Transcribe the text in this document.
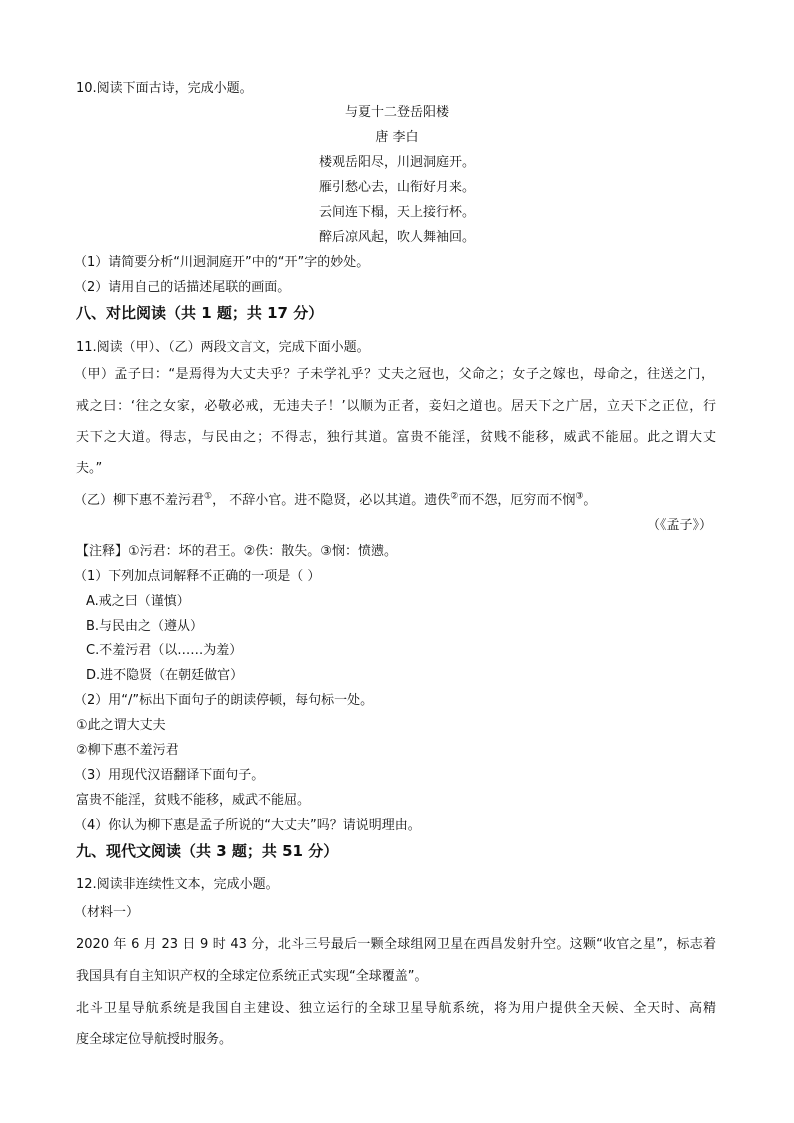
10.阅读下面古诗，完成小题。
与夏十二登岳阳楼
唐 李白
楼观岳阳尽，川迥洞庭开。
雁引愁心去，山衔好月来。
云间连下榻，天上接行杯。
醉后凉风起，吹人舞袖回。
（1）请简要分析“川迥洞庭开”中的“开”字的妙处。
（2）请用自己的话描述尾联的画面。
八、对比阅读（共 1 题；共 17 分）
11.阅读（甲）、（乙）两段文言文，完成下面小题。
（甲）孟子曰：“是焉得为大丈夫乎？子未学礼乎？丈夫之冠也，父命之；女子之嫁也，母命之，往送之门，
戒之曰：‘往之女家，必敬必戒，无违夫子！’以顺为正者，妾妇之道也。居天下之广居，立天下之正位，行
天下之大道。得志，与民由之；不得志，独行其道。富贵不能淫，贫贱不能移，威武不能屈。此之谓大丈
夫。”
（乙）柳下惠不羞污君①， 不辞小官。进不隐贤，必以其道。遗佚②而不怨，厄穷而不悯③。
（《孟子》）
【注释】①污君：坏的君王。②佚：散失。③悯：愤懑。
（1）下列加点词解释不正确的一项是（ ）
A.戒之曰（谨慎）
B.与民由之（遵从）
C.不羞污君（以……为羞）
D.进不隐贤（在朝廷做官）
（2）用“/”标出下面句子的朗读停顿，每句标一处。
①此之谓大丈夫
②柳下惠不羞污君
（3）用现代汉语翻译下面句子。
富贵不能淫，贫贱不能移，威武不能屈。
（4）你认为柳下惠是孟子所说的“大丈夫”吗？请说明理由。
九、现代文阅读（共 3 题；共 51 分）
12.阅读非连续性文本，完成小题。
（材料一）
2020 年 6 月 23 日 9 时 43 分，北斗三号最后一颗全球组网卫星在西昌发射升空。这颗“收官之星”，标志着
我国具有自主知识产权的全球定位系统正式实现“全球覆盖”。
北斗卫星导航系统是我国自主建设、独立运行的全球卫星导航系统，将为用户提供全天候、全天时、高精
度全球定位导航授时服务。
